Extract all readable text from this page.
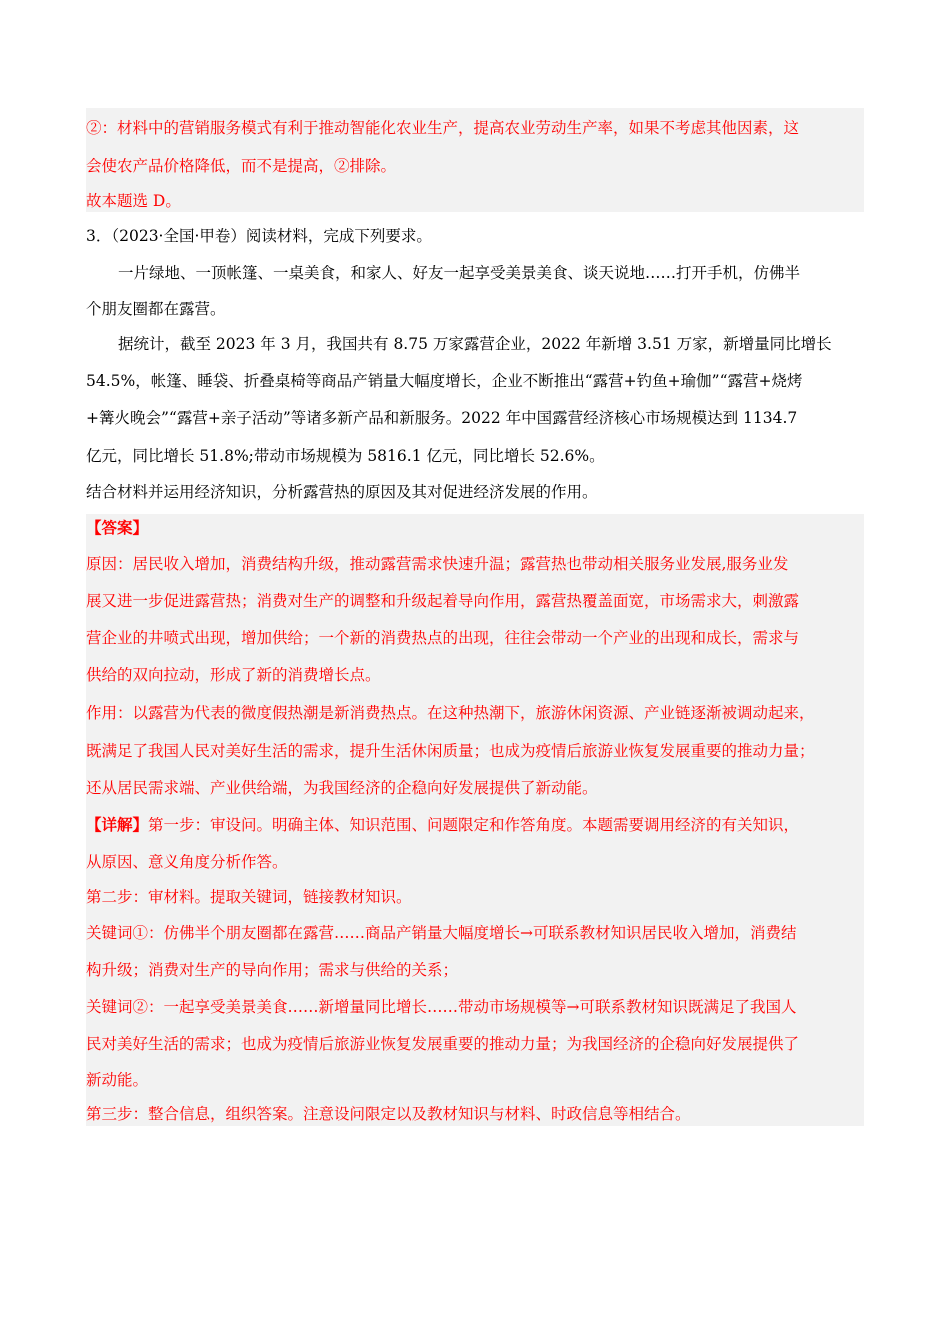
②：材料中的营销服务模式有利于推动智能化农业生产，提高农业劳动生产率，如果不考虑其他因素，这
会使农产品价格降低，而不是提高，②排除。
故本题选 D。
3．（2023·全国·甲卷）阅读材料，完成下列要求。
一片绿地、一顶帐篷、一桌美食，和家人、好友一起享受美景美食、谈天说地……打开手机，仿佛半
个朋友圈都在露营。
据统计，截至 2023 年 3 月，我国共有 8.75 万家露营企业，2022 年新增 3.51 万家，新增量同比增长
54.5%，帐篷、睡袋、折叠桌椅等商品产销量大幅度增长，企业不断推出“露营+钓鱼+瑜伽”“露营+烧烤
+篝火晚会”“露营+亲子活动”等诸多新产品和新服务。2022 年中国露营经济核心市场规模达到 1134.7
亿元，同比增长 51.8%;带动市场规模为 5816.1 亿元，同比增长 52.6%。
结合材料并运用经济知识，分析露营热的原因及其对促进经济发展的作用。
【答案】
原因：居民收入增加，消费结构升级，推动露营需求快速升温；露营热也带动相关服务业发展,服务业发
展又进一步促进露营热；消费对生产的调整和升级起着导向作用，露营热覆盖面宽，市场需求大，刺激露
营企业的井喷式出现，增加供给；一个新的消费热点的出现，往往会带动一个产业的出现和成长，需求与
供给的双向拉动，形成了新的消费增长点。
作用：以露营为代表的微度假热潮是新消费热点。在这种热潮下，旅游休闲资源、产业链逐渐被调动起来，
既满足了我国人民对美好生活的需求，提升生活休闲质量；也成为疫情后旅游业恢复发展重要的推动力量；
还从居民需求端、产业供给端，为我国经济的企稳向好发展提供了新动能。
【详解】第一步：审设问。明确主体、知识范围、问题限定和作答角度。本题需要调用经济的有关知识，
从原因、意义角度分析作答。
第二步：审材料。提取关键词，链接教材知识。
关键词①：仿佛半个朋友圈都在露营……商品产销量大幅度增长→可联系教材知识居民收入增加，消费结
构升级；消费对生产的导向作用；需求与供给的关系；
关键词②：一起享受美景美食……新增量同比增长……带动市场规模等→可联系教材知识既满足了我国人
民对美好生活的需求；也成为疫情后旅游业恢复发展重要的推动力量；为我国经济的企稳向好发展提供了
新动能。
第三步：整合信息，组织答案。注意设问限定以及教材知识与材料、时政信息等相结合。
